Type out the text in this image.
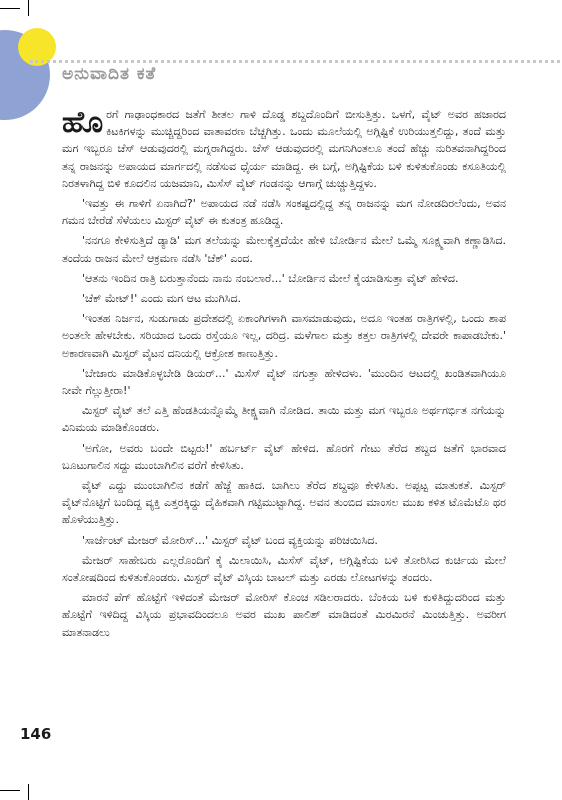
ಅನುವಾದಿತ ಕತೆ

ಹೊರಗೆ ಗಾಢಾಂಧಕಾರದ ಜತೆಗೆ ಶೀತಲ ಗಾಳಿ ದೊಡ್ಡ ಶಬ್ದದೊಂದಿಗೆ ಬೀಸುತ್ತಿತ್ತು. ಒಳಗೆ, ವೈಟ್ ಅವರ ಹಜಾರದ ಕಿಟಕಿಗಳನ್ನು ಮುಚ್ಚಿದ್ದರಿಂದ ವಾತಾವರಣ ಬೆಚ್ಚಗಿತ್ತು. ಒಂದು ಮೂಲೆಯಲ್ಲಿ ಅಗ್ಗಿಷ್ಟಿಕೆ ಉರಿಯುತ್ತಲಿದ್ದು, ತಂದೆ ಮತ್ತು ಮಗ ಇಬ್ಬರೂ ಚೆಸ್ ಆಡುವುದರಲ್ಲಿ ಮಗ್ನರಾಗಿದ್ದರು. ಚೆಸ್ ಆಡುವುದರಲ್ಲಿ ಮಗನಿಗಿಂತಲೂ ತಂದೆ ಹೆಚ್ಚು ನುರಿತವನಾಗಿದ್ದರಿಂದ ತನ್ನ ರಾಜನನ್ನು ಅಪಾಯದ ಮಾರ್ಗದಲ್ಲಿ ನಡೆಸುವ ಧೈರ್ಯ ಮಾಡಿದ್ದ. ಈ ಬಗ್ಗೆ, ಅಗ್ಗಿಷ್ಟಿಕೆಯ ಬಳಿ ಕುಳಿತುಕೊಂಡು ಕಸೂತಿಯಲ್ಲಿ ನಿರತಳಾಗಿದ್ದ ಬಿಳಿ ಕೂದಲಿನ ಯಜಮಾನಿ, ಮಿಸೆಸ್ ವೈಟ್ ಗಂಡನನ್ನು ಆಗಾಗ್ಗೆ ಚುಚ್ಚುತ್ತಿದ್ದಳು.

'ಇವತ್ತು ಈ ಗಾಳಿಗೆ ಏನಾಗಿದೆ?' ಅಪಾಯದ ನಡೆ ನಡೆಸಿ ಸಂಕಷ್ಟದಲ್ಲಿದ್ದ ತನ್ನ ರಾಜನನ್ನು ಮಗ ನೋಡದಿರಲೆಂದು, ಅವನ ಗಮನ ಬೇರೆಡೆ ಸೆಳೆಯಲು ಮಿಸ್ಟರ್ ವೈಟ್ ಈ ಕುತಂತ್ರ ಹೂಡಿದ್ದ.

'ನನಗೂ ಕೇಳಿಸುತ್ತಿದೆ ಡ್ಯಾಡಿ' ಮಗ ತಲೆಯನ್ನು ಮೇಲಕ್ಕೆತ್ತದೆಯೇ ಹೇಳಿ ಬೋರ್ಡಿನ ಮೇಲೆ ಒಮ್ಮೆ ಸೂಕ್ಷ್ಮವಾಗಿ ಕಣ್ಣಾಡಿಸಿದ. ತಂದೆಯ ರಾಜನ ಮೇಲೆ ಆಕ್ರಮಣ ನಡೆಸಿ 'ಚೆಕ್' ಎಂದ.

'ಆತನು ಇಂದಿನ ರಾತ್ರಿ ಬರುತ್ತಾನೆಂದು ನಾನು ನಂಬಲಾರೆ...' ಬೋರ್ಡಿನ ಮೇಲೆ ಕೈಯಾಡಿಸುತ್ತಾ ವೈಟ್ ಹೇಳಿದ.

'ಚೆಕ್ ಮೇಟ್!' ಎಂದು ಮಗ ಆಟ ಮುಗಿಸಿದ.

'ಇಂತಹ ನಿರ್ಜನ, ಸುಡುಗಾಡು ಪ್ರದೇಶದಲ್ಲಿ ಏಕಾಂಗಿಗಳಾಗಿ ವಾಸಮಾಡುವುದು, ಅದೂ ಇಂತಹ ರಾತ್ರಿಗಳಲ್ಲಿ, ಒಂದು ಶಾಪ ಅಂತಲೇ ಹೇಳಬೇಕು. ಸರಿಯಾದ ಒಂದು ರಸ್ತೆಯೂ ಇಲ್ಲ, ದರಿದ್ರ. ಮಳೆಗಾಲ ಮತ್ತು ಕತ್ತಲ ರಾತ್ರಿಗಳಲ್ಲಿ ದೇವರೇ ಕಾಪಾಡಬೇಕು.' ಅಕಾರಣವಾಗಿ ಮಿಸ್ಟರ್ ವೈಟನ ದನಿಯಲ್ಲಿ ಆಕ್ರೋಶ ಕಾಣುತ್ತಿತ್ತು.

'ಬೇಜಾರು ಮಾಡಿಕೊಳ್ಳಬೇಡಿ ಡಿಯರ್...' ಮಿಸೆಸ್ ವೈಟ್ ನಗುತ್ತಾ ಹೇಳಿದಳು. 'ಮುಂದಿನ ಆಟದಲ್ಲಿ ಖಂಡಿತವಾಗಿಯೂ ನೀವೇ ಗೆಲ್ಲುತ್ತೀರಾ!'

ಮಿಸ್ಟರ್ ವೈಟ್ ತಲೆ ಎತ್ತಿ ಹೆಂಡತಿಯನ್ನೊಮ್ಮೆ ತೀಕ್ಷ್ಣವಾಗಿ ನೋಡಿದ. ತಾಯಿ ಮತ್ತು ಮಗ ಇಬ್ಬರೂ ಅರ್ಥಗರ್ಭಿತ ನಗೆಯನ್ನು ವಿನಿಮಯ ಮಾಡಿಕೊಂಡರು.

'ಅಗೋ, ಅವರು ಬಂದೇ ಬಿಟ್ಟರು!' ಹರ್ಬರ್ಟ್ ವೈಟ್ ಹೇಳಿದ. ಹೊರಗೆ ಗೇಟು ತೆರೆದ ಶಬ್ದದ ಜತೆಗೆ ಭಾರವಾದ ಬೂಟುಗಾಲಿನ ಸದ್ದು ಮುಂಬಾಗಿಲಿನ ವರೆಗೆ ಕೇಳಿಸಿತು.

ವೈಟ್ ಎದ್ದು ಮುಂಬಾಗಿಲಿನ ಕಡೆಗೆ ಹೆಜ್ಜೆ ಹಾಕಿದ. ಬಾಗಿಲು ತೆರೆದ ಶಬ್ದವೂ ಕೇಳಿಸಿತು. ಅಪ್ಪಟ್ಟ ಮಾತುಕತೆ. ಮಿಸ್ಟರ್ ವೈಟ್‌ನೊಟ್ಟಿಗೆ ಬಂದಿದ್ದ ವ್ಯಕ್ತಿ ಎತ್ತರಕ್ಕಿದ್ದು ದೈಹಿಕವಾಗಿ ಗಟ್ಟಿಮುಟ್ಟಾಗಿದ್ದ. ಅವನ ತುಂಬಿದ ಮಾಂಸಲ ಮುಖ ಕಳಿತ ಟೊಮೆಟೊ ಥರ ಹೊಳೆಯುತ್ತಿತ್ತು.

'ಸಾರ್ಜೆಂಟ್ ಮೇಜರ್ ಮೋರಿಸ್...' ಮಿಸ್ಟರ್ ವೈಟ್ ಬಂದ ವ್ಯಕ್ತಿಯನ್ನು ಪರಿಚಯಿಸಿದ.

ಮೇಜರ್ ಸಾಹೇಬರು ಎಲ್ಲರೊಂದಿಗೆ ಕೈ ಮಿಲಾಯಿಸಿ, ಮಿಸೆಸ್ ವೈಟ್, ಅಗ್ಗಿಷ್ಟಿಕೆಯ ಬಳಿ ತೋರಿಸಿದ ಕುರ್ಚಿಯ ಮೇಲೆ ಸಂತೋಷದಿಂದ ಕುಳಿತುಕೊಂಡರು. ಮಿಸ್ಟರ್ ವೈಟ್ ವಿಸ್ಕಿಯ ಬಾಟಲ್ ಮತ್ತು ಎರಡು ಲೋಟಗಳನ್ನು ತಂದರು.

ಮಾರನೆ ಪೆಗ್ ಹೊಟ್ಟೆಗೆ ಇಳಿದಂತೆ ಮೇಜರ್ ಮೋರಿಸ್ ಕೊಂಚ ಸಡಿಲರಾದರು. ಬೆಂಕಿಯ ಬಳಿ ಕುಳಿತಿದ್ದುದರಿಂದ ಮತ್ತು ಹೊಟ್ಟೆಗೆ ಇಳಿದಿದ್ದ ವಿಸ್ಕಿಯ ಪ್ರಭಾವದಿಂದಲೂ ಅವರ ಮುಖ ಪಾಲಿಶ್ ಮಾಡಿದಂತೆ ಮಿರಮಿರನೆ ಮಿಂಚುತ್ತಿತ್ತು. ಅವರೀಗ ಮಾತನಾಡಲು

146
